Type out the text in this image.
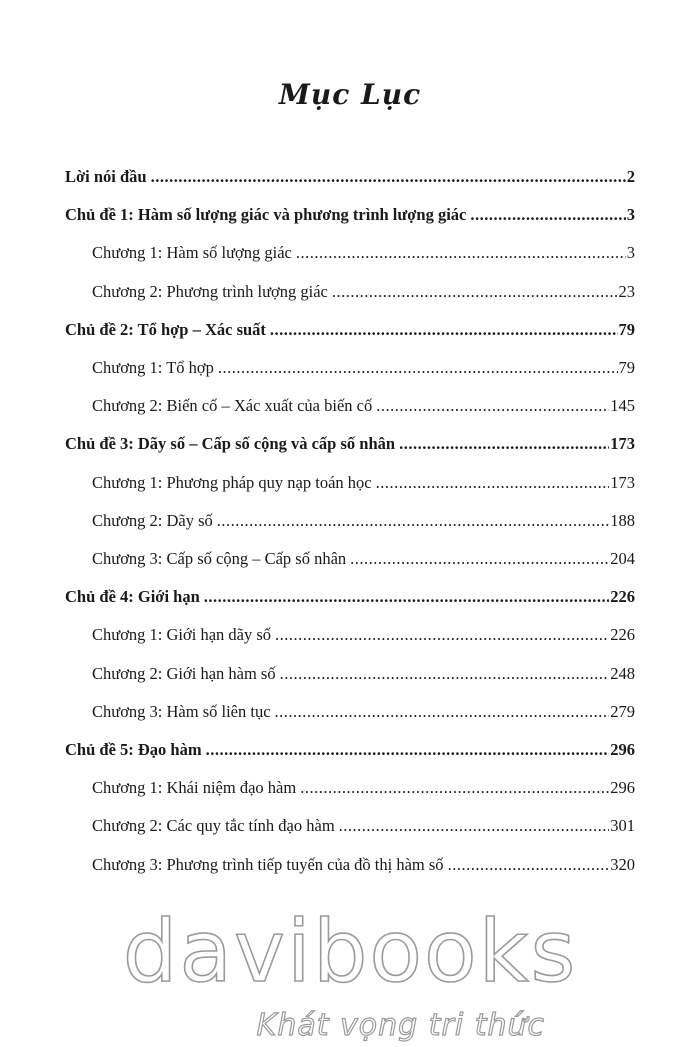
Mục Lục
Lời nói đầu .....	2
Chủ đề 1: Hàm số lượng giác và phương trình lượng giác .....	3
Chương 1: Hàm số lượng giác .....	3
Chương 2: Phương trình lượng giác .....	23
Chủ đề 2: Tổ hợp – Xác suất .....	79
Chương 1: Tổ hợp .....	79
Chương 2: Biến cố – Xác xuất của biến cố .....	145
Chủ đề 3: Dãy số – Cấp số cộng và cấp số nhân .....	173
Chương 1: Phương pháp quy nạp toán học .....	173
Chương 2: Dãy số .....	188
Chương 3: Cấp số cộng – Cấp số nhân .....	204
Chủ đề 4: Giới hạn .....	226
Chương 1: Giới hạn dãy số .....	226
Chương 2: Giới hạn hàm số .....	248
Chương 3: Hàm số liên tục .....	279
Chủ đề 5: Đạo hàm .....	296
Chương 1: Khái niệm đạo hàm .....	296
Chương 2: Các quy tắc tính đạo hàm .....	301
Chương 3: Phương trình tiếp tuyến của đồ thị hàm số .....	320
davibooks
Khát vọng tri thức
